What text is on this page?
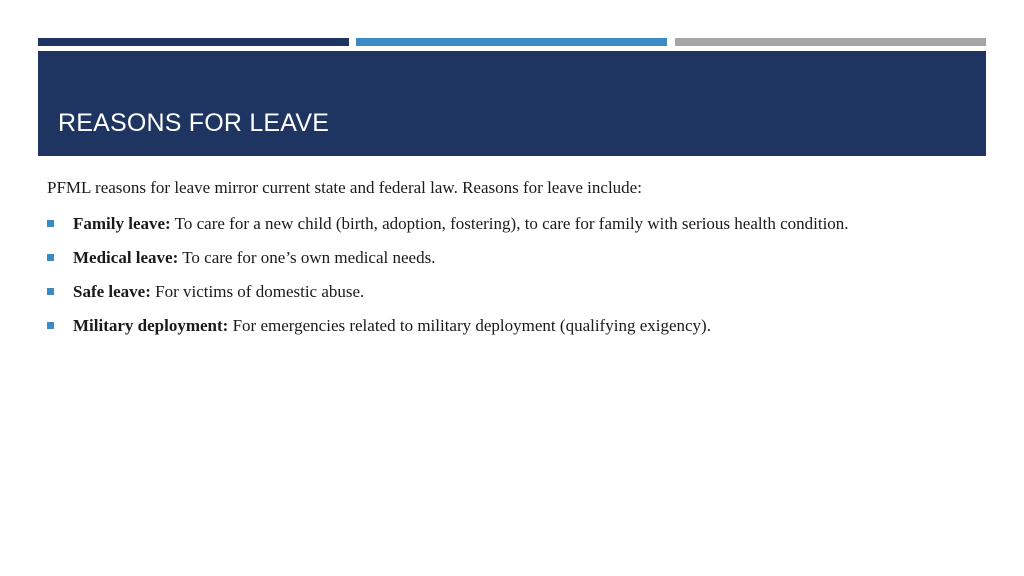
REASONS FOR LEAVE

PFML reasons for leave mirror current state and federal law. Reasons for leave include:

Family leave: To care for a new child (birth, adoption, fostering), to care for family with serious health condition.
Medical leave: To care for one’s own medical needs.
Safe leave: For victims of domestic abuse.
Military deployment: For emergencies related to military deployment (qualifying exigency).
